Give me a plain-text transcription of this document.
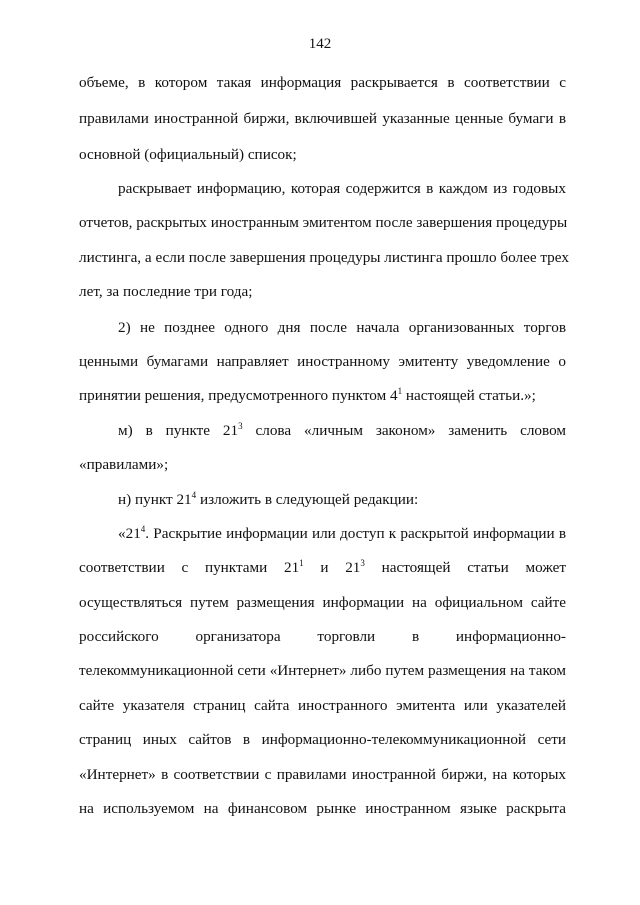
142
объеме, в котором такая информация раскрывается в соответствии с
правилами иностранной биржи, включившей указанные ценные бумаги в
основной (официальный) список;
раскрывает информацию, которая содержится в каждом из годовых
отчетов, раскрытых иностранным эмитентом после завершения процедуры
листинга, а если после завершения процедуры листинга прошло более трех
лет, за последние три года;
2) не позднее одного дня после начала организованных торгов
ценными бумагами направляет иностранному эмитенту уведомление о
принятии решения, предусмотренного пунктом $4^1$ настоящей статьи.»;
м) в пункте $21^3$ слова «личным законом» заменить словом
«правилами»;
н) пункт $21^4$ изложить в следующей редакции:
«$21^4$. Раскрытие информации или доступ к раскрытой информации в
соответствии с пунктами $21^1$ и $21^3$ настоящей статьи может
осуществляться путем размещения информации на официальном сайте
российского организатора торговли в информационно-
телекоммуникационной сети «Интернет» либо путем размещения на таком
сайте указателя страниц сайта иностранного эмитента или указателей
страниц иных сайтов в информационно-телекоммуникационной сети
«Интернет» в соответствии с правилами иностранной биржи, на которых
на используемом на финансовом рынке иностранном языке раскрыта
